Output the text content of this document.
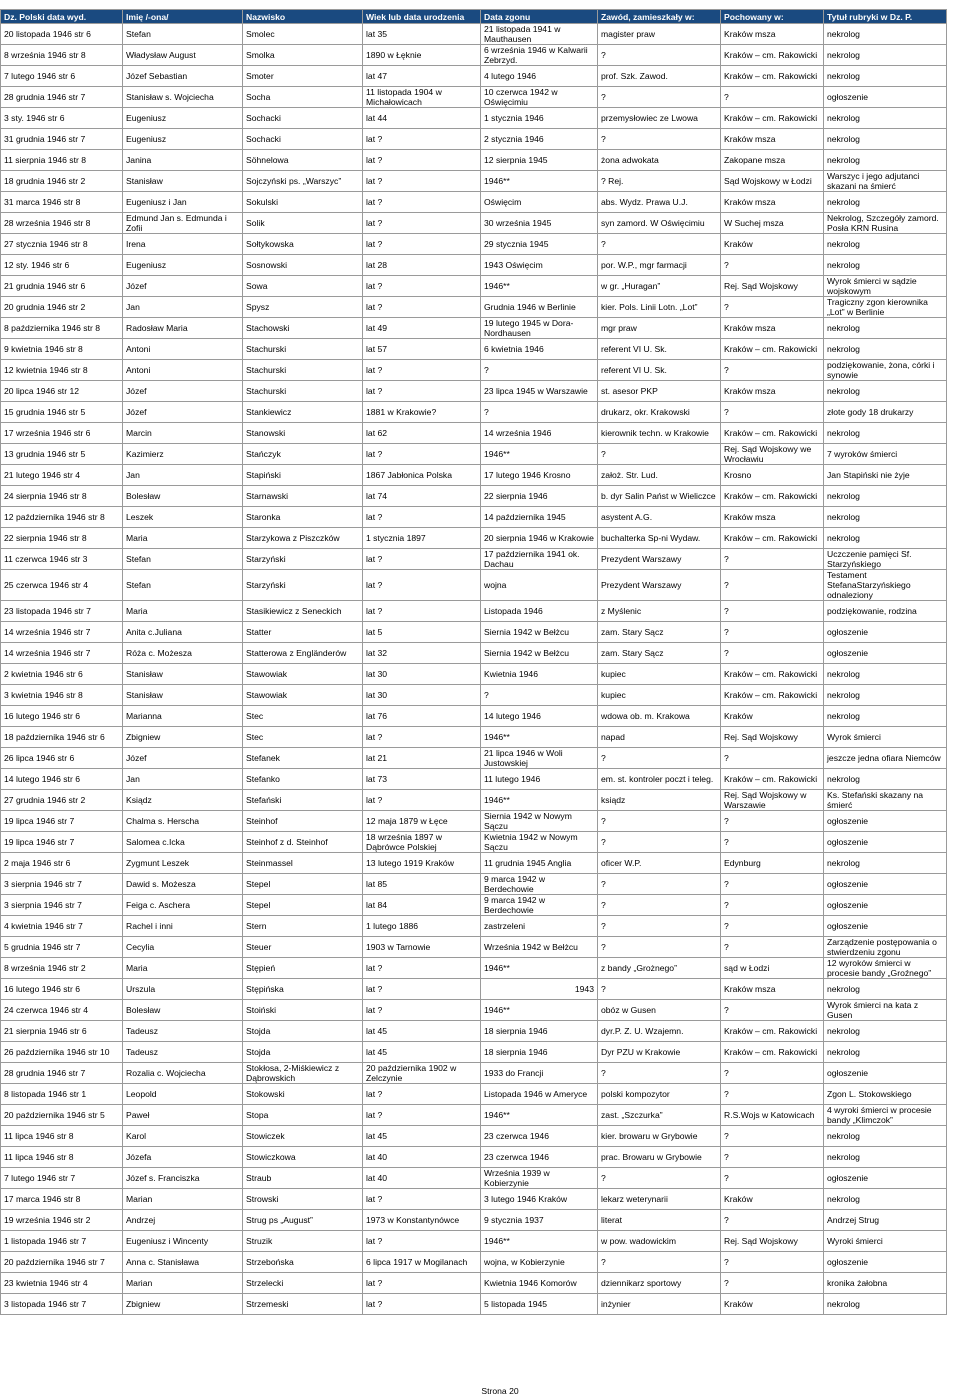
Dz. Polski data wyd.	Imię /-ona/	Nazwisko	Wiek lub data urodzenia	Data zgonu	Zawód, zamieszkały w:	Pochowany w:	Tytuł rubryki w Dz. P.
20 listopada 1946 str 6	Stefan	Smolec	lat 35	21 listopada 1941 w Mauthausen	magister praw	Kraków msza	nekrolog
8 września 1946 str 8	Władysław August	Smolka	1890 w Łęknie	6 września 1946 w Kalwarii Zebrzyd.	?	Kraków – cm. Rakowicki	nekrolog
7 lutego 1946 str 6	Józef Sebastian	Smoter	lat 47	4 lutego 1946	prof. Szk. Zawod.	Kraków – cm. Rakowicki	nekrolog
28 grudnia 1946 str 7	Stanisław s. Wojciecha	Socha	11 listopada 1904 w Michałowicach	10 czerwca 1942 w Oświęcimiu	?	?	ogłoszenie
3 sty. 1946 str 6	Eugeniusz	Sochacki	lat 44	1 stycznia 1946	przemysłowiec ze Lwowa	Kraków – cm. Rakowicki	nekrolog
31 grudnia 1946 str 7	Eugeniusz	Sochacki	lat ?	2 stycznia 1946	?	Kraków msza	nekrolog
11 sierpnia 1946 str 8	Janina	Söhnelowa	lat ?	12 sierpnia 1945	żona adwokata	Zakopane msza	nekrolog
18 grudnia 1946 str 2	Stanisław	Sojczyński ps. „Warszyc”	lat ?	1946**	? Rej.	Sąd Wojskowy w Łodzi	Warszyc i jego adjutanci skazani na śmierć
31 marca 1946 str 8	Eugeniusz i Jan	Sokulski	lat ?	Oświęcim	abs. Wydz. Prawa U.J.	Kraków msza	nekrolog
28 września 1946 str 8	Edmund Jan s. Edmunda i Zofii	Solik	lat ?	30 września 1945	syn zamord. W Oświęcimiu	W Suchej msza	Nekrolog, Szczegóły zamord. Posła KRN Rusina
27 stycznia 1946 str 8	Irena	Sołtykowska	lat ?	29 stycznia 1945	?	Kraków	nekrolog
12 sty. 1946 str 6	Eugeniusz	Sosnowski	lat 28	1943 Oświęcim	por. W.P., mgr farmacji	?	nekrolog
21 grudnia 1946 str 6	Józef	Sowa	lat ?	1946**	w gr. „Huragan”	Rej. Sąd Wojskowy	Wyrok śmierci w sądzie wojskowym
20 grudnia 1946 str 2	Jan	Spysz	lat ?	Grudnia 1946 w Berlinie	kier. Pols. Linii Lotn. „Lot”	?	Tragiczny zgon kierownika „Lot” w Berlinie
8 października 1946 str 8	Radosław Maria	Stachowski	lat 49	19 lutego 1945 w Dora-Nordhausen	mgr praw	Kraków msza	nekrolog
9 kwietnia 1946 str 8	Antoni	Stachurski	lat 57	6 kwietnia 1946	referent VI U. Sk.	Kraków – cm. Rakowicki	nekrolog
12 kwietnia 1946 str 8	Antoni	Stachurski	lat ?	?	referent VI U. Sk.	?	podziękowanie, żona, córki i synowie
20 lipca 1946 str 12	Józef	Stachurski	lat ?	23 lipca 1945 w Warszawie	st. asesor PKP	Kraków msza	nekrolog
15 grudnia 1946 str 5	Józef	Stankiewicz	1881 w Krakowie?	?	drukarz, okr. Krakowski	?	złote gody 18 drukarzy
17 września 1946 str 6	Marcin	Stanowski	lat 62	14 września 1946	kierownik techn. w Krakowie	Kraków – cm. Rakowicki	nekrolog
13 grudnia 1946 str 5	Kazimierz	Stańczyk	lat ?	1946**	?	Rej. Sąd Wojskowy we Wrocławiu	7 wyroków śmierci
21 lutego 1946 str 4	Jan	Stapiński	1867 Jabłonica Polska	17 lutego 1946 Krosno	założ. Str. Lud.	Krosno	Jan Stapiński nie żyje
24 sierpnia 1946 str 8	Bolesław	Starnawski	lat 74	22 sierpnia 1946	b. dyr Salin Państ w Wieliczce	Kraków – cm. Rakowicki	nekrolog
12 października 1946 str 8	Leszek	Staronka	lat ?	14 października 1945	asystent A.G.	Kraków msza	nekrolog
22 sierpnia 1946 str 8	Maria	Starzykowa z Piszczków	1 stycznia 1897	20 sierpnia 1946 w Krakowie	buchalterka Sp-ni Wydaw.	Kraków – cm. Rakowicki	nekrolog
11 czerwca 1946 str 3	Stefan	Starzyński	lat ?	17 października 1941 ok. Dachau	Prezydent Warszawy	?	Uczczenie pamięci Sf. Starzyńskiego
25 czerwca 1946 str 4	Stefan	Starzyński	lat ?	wojna	Prezydent Warszawy	?	Testament StefanaStarzyńskiego odnaleziony
23 listopada 1946 str 7	Maria	Stasikiewicz z Seneckich	lat ?	Listopada 1946	z Myślenic	?	podziękowanie, rodzina
14 września 1946 str 7	Anita c.Juliana	Statter	lat 5	Siernia 1942 w Bełżcu	zam. Stary Sącz	?	ogłoszenie
14 września 1946 str 7	Róża c. Możesza	Statterowa z Engländerów	lat 32	Siernia 1942 w Bełżcu	zam. Stary Sącz	?	ogłoszenie
2 kwietnia 1946 str 6	Stanisław	Stawowiak	lat 30	Kwietnia 1946	kupiec	Kraków – cm. Rakowicki	nekrolog
3 kwietnia 1946 str 8	Stanisław	Stawowiak	lat 30	?	kupiec	Kraków – cm. Rakowicki	nekrolog
16 lutego 1946 str 6	Marianna	Stec	lat 76	14 lutego 1946	wdowa ob. m. Krakowa	Kraków	nekrolog
18 października 1946 str 6	Zbigniew	Stec	lat ?	1946**	napad	Rej. Sąd Wojskowy	Wyrok śmierci
26 lipca 1946 str 6	Józef	Stefanek	lat 21	21 lipca 1946 w Woli Justowskiej	?	?	jeszcze jedna ofiara Niemców
14 lutego 1946 str 6	Jan	Stefanko	lat 73	11 lutego 1946	em. st. kontroler poczt i teleg.	Kraków – cm. Rakowicki	nekrolog
27 grudnia 1946 str 2	Ksiądz	Stefański	lat ?	1946**	ksiądz	Rej. Sąd Wojskowy w Warszawie	Ks. Stefański skazany na śmierć
19 lipca 1946 str 7	Chalma s. Herscha	Steinhof	12 maja 1879 w Łęce	Siernia 1942 w Nowym Sączu	?	?	ogłoszenie
19 lipca 1946 str 7	Salomea c.Icka	Steinhof z d. Steinhof	18 września 1897 w Dąbrówce Polskiej	Kwietnia 1942 w Nowym Sączu	?	?	ogłoszenie
2 maja 1946 str 6	Zygmunt Leszek	Steinmassel	13 lutego 1919 Kraków	11 grudnia 1945 Anglia	oficer W.P.	Edynburg	nekrolog
3 sierpnia 1946 str 7	Dawid s. Możesza	Stepel	lat 85	9 marca 1942 w Berdechowie	?	?	ogłoszenie
3 sierpnia 1946 str 7	Feiga c. Aschera	Stepel	lat 84	9 marca 1942 w Berdechowie	?	?	ogłoszenie
4 kwietnia 1946 str 7	Rachel i inni	Stern	1 lutego 1886	zastrzeleni	?	?	ogłoszenie
5 grudnia 1946 str 7	Cecylia	Steuer	1903 w Tarnowie	Września 1942 w Bełżcu	?	?	Zarządzenie postępowania o stwierdzeniu zgonu
8 września 1946 str 2	Maria	Stępień	lat ?	1946**	z bandy „Grożnego”	sąd w Łodzi	12 wyroków śmierci w procesie bandy „Groźnego”
16 lutego 1946 str 6	Urszula	Stępińska	lat ?	1943	?	Kraków msza	nekrolog
24 czerwca 1946 str 4	Bolesław	Stoiński	lat ?	1946**	obóz w Gusen	?	Wyrok śmierci na kata z Gusen
21 sierpnia 1946 str 6	Tadeusz	Stojda	lat 45	18 sierpnia 1946	dyr.P. Z. U. Wzajemn.	Kraków – cm. Rakowicki	nekrolog
26 października 1946 str 10	Tadeusz	Stojda	lat 45	18 sierpnia 1946	Dyr PZU w Krakowie	Kraków – cm. Rakowicki	nekrolog
28 grudnia 1946 str 7	Rozalia c. Wojciecha	Stokłosa, 2-Miśkiewicz z Dąbrowskich	20 października 1902 w Zelczynie	1933 do Francji	?	?	ogłoszenie
8 listopada 1946 str 1	Leopold	Stokowski	lat ?	Listopada 1946 w Ameryce	polski kompozytor	?	Zgon L. Stokowskiego
20 października 1946 str 5	Paweł	Stopa	lat ?	1946**	zast. „Szczurka”	R.S.Wojs w Katowicach	4 wyroki śmierci w procesie bandy „Klimczok”
11 lipca 1946 str 8	Karol	Stowiczek	lat 45	23 czerwca 1946	kier. browaru w Grybowie	?	nekrolog
11 lipca 1946 str 8	Józefa	Stowiczkowa	lat 40	23 czerwca 1946	prac. Browaru w Grybowie	?	nekrolog
7 lutego 1946 str 7	Józef s. Franciszka	Straub	lat 40	Września 1939 w Kobierzynie	?	?	ogłoszenie
17 marca 1946 str 8	Marian	Strowski	lat ?	3 lutego 1946 Kraków	lekarz weterynarii	Kraków	nekrolog
19 września 1946 str 2	Andrzej	Strug ps „August”	1973 w Konstantynówce	9 stycznia 1937	literat	?	Andrzej Strug
1 listopada 1946 str 7	Eugeniusz i Wincenty	Struzik	lat ?	1946**	w pow. wadowickim	Rej. Sąd Wojskowy	Wyroki śmierci
20 października 1946 str 7	Anna c. Stanisława	Strzebońska	6 lipca 1917 w Mogilanach	wojna, w Kobierzynie	?	?	ogłoszenie
23 kwietnia 1946 str 4	Marian	Strzelecki	lat ?	Kwietnia 1946 Komorów	dziennikarz sportowy	?	kronika żałobna
3 listopada 1946 str 7	Zbigniew	Strzemeski	lat ?	5 listopada 1945	inżynier	Kraków	nekrolog
Strona 20
